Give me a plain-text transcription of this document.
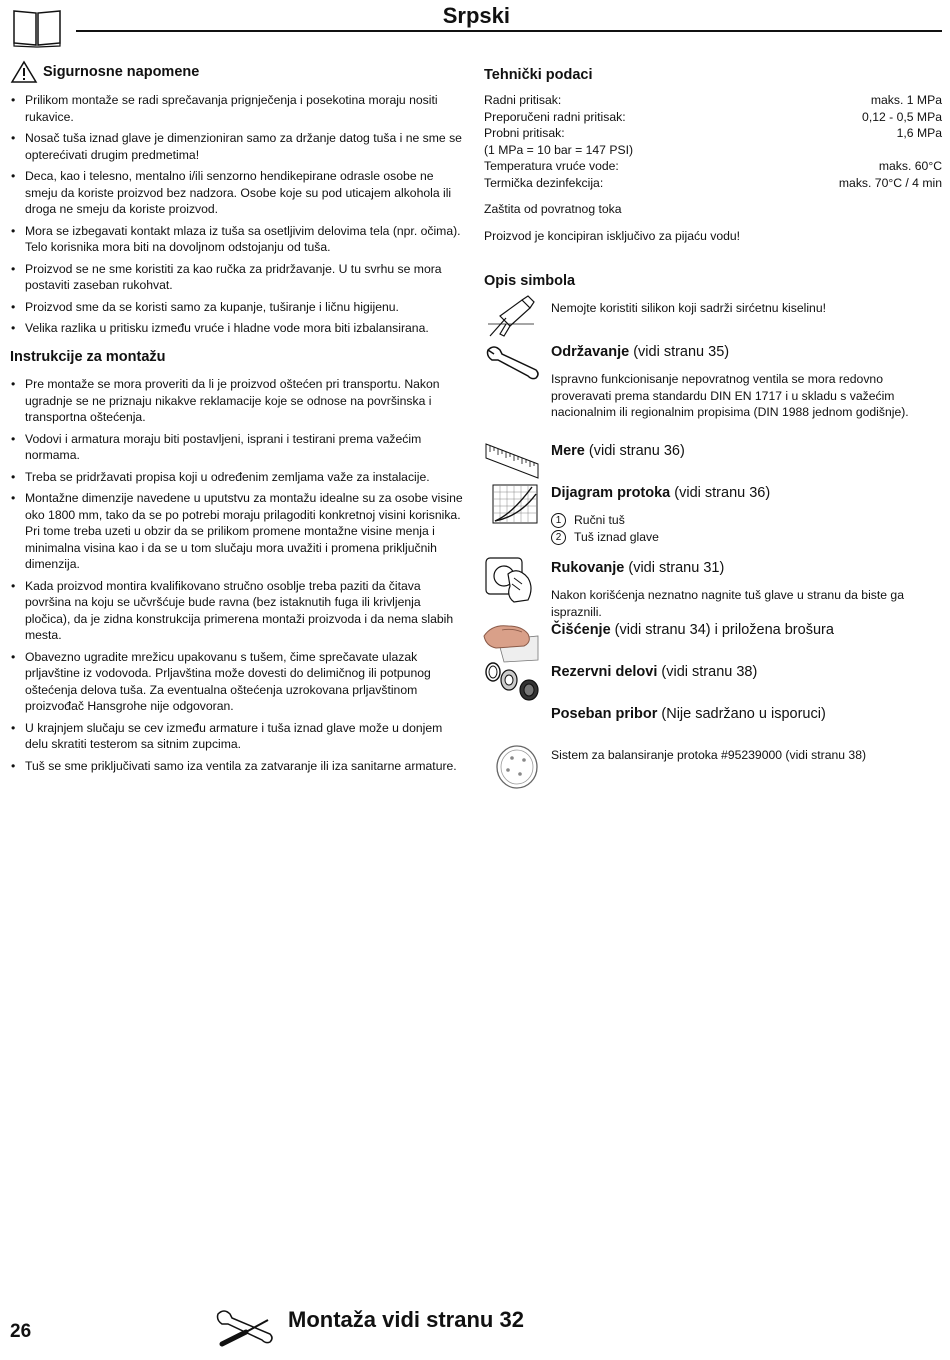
Srpski
Sigurnosne napomene
• Prilikom montaže se radi sprečavanja prignječenja i posekotina moraju nositi rukavice.
• Nosač tuša iznad glave je dimenzioniran samo za držanje datog tuša i ne sme se opterećivati drugim predmetima!
• Deca, kao i telesno, mentalno i/ili senzorno hendikepirane odrasle osobe ne smeju da koriste proizvod bez nadzora. Osobe koje su pod uticajem alkohola ili droga ne smeju da koriste proizvod.
• Mora se izbegavati kontakt mlaza iz tuša sa osetljivim delovima tela (npr. očima). Telo korisnika mora biti na dovoljnom odstojanju od tuša.
• Proizvod se ne sme koristiti za kao ručka za pridržavanje. U tu svrhu se mora postaviti zaseban rukohvat.
• Proizvod sme da se koristi samo za kupanje, tuširanje i ličnu higijenu.
• Velika razlika u pritisku između vruće i hladne vode mora biti izbalansirana.
Instrukcije za montažu
• Pre montaže se mora proveriti da li je proizvod oštećen pri transportu. Nakon ugradnje se ne priznaju nikakve reklamacije koje se odnose na površinska i transportna oštećenja.
• Vodovi i armatura moraju biti postavljeni, isprani i testirani prema važećim normama.
• Treba se pridržavati propisa koji u određenim zemljama važe za instalacije.
• Montažne dimenzije navedene u uputstvu za montažu idealne su za osobe visine oko 1800 mm, tako da se po potrebi moraju prilagoditi konkretnoj visini korisnika. Pri tome treba uzeti u obzir da se prilikom promene montažne visine menja i minimalna visina kao i da se u tom slučaju mora uvažiti i promena priključnih dimenzija.
• Kada proizvod montira kvalifikovano stručno osoblje treba paziti da čitava površina na koju se učvršćuje bude ravna (bez istaknutih fuga ili krivljenja pločica), da je zidna konstrukcija primerena montaži proizvoda i da nema slabih mesta.
• Obavezno ugradite mrežicu upakovanu s tušem, čime sprečavate ulazak prljavštine iz vodovoda. Prljavština može dovesti do delimičnog ili potpunog oštećenja delova tuša. Za eventualna oštećenja uzrokovana prljavštinom proizvođač Hansgrohe nije odgovoran.
• U krajnjem slučaju se cev između armature i tuša iznad glave može u donjem delu skratiti testerom sa sitnim zupcima.
• Tuš se sme priključivati samo iza ventila za zatvaranje ili iza sanitarne armature.
Tehnički podaci
Radni pritisak:	maks. 1 MPa
Preporučeni radni pritisak:	0,12 - 0,5 MPa
Probni pritisak:	1,6 MPa
(1 MPa = 10 bar = 147 PSI)
Temperatura vruće vode:	maks. 60°C
Termička dezinfekcija:	maks. 70°C / 4 min
Zaštita od povratnog toka
Proizvod je koncipiran isključivo za pijaću vodu!
Opis simbola
Nemojte koristiti silikon koji sadrži sirćetnu kiselinu!
Održavanje (vidi stranu 35)
Ispravno funkcionisanje nepovratnog ventila se mora redovno proveravati prema standardu DIN EN 1717 i u skladu s važećim nacionalnim ili regionalnim propisima (DIN 1988 jednom godišnje).
Mere (vidi stranu 36)
Dijagram protoka (vidi stranu 36)
1 Ručni tuš
2 Tuš iznad glave
Rukovanje (vidi stranu 31)
Nakon korišćenja neznatno nagnite tuš glave u stranu da biste ga ispraznili.
Čišćenje (vidi stranu 34) i priložena brošura
Rezervni delovi (vidi stranu 38)
Poseban pribor (Nije sadržano u isporuci)
Sistem za balansiranje protoka #95239000 (vidi stranu 38)
26	Montaža vidi stranu 32
